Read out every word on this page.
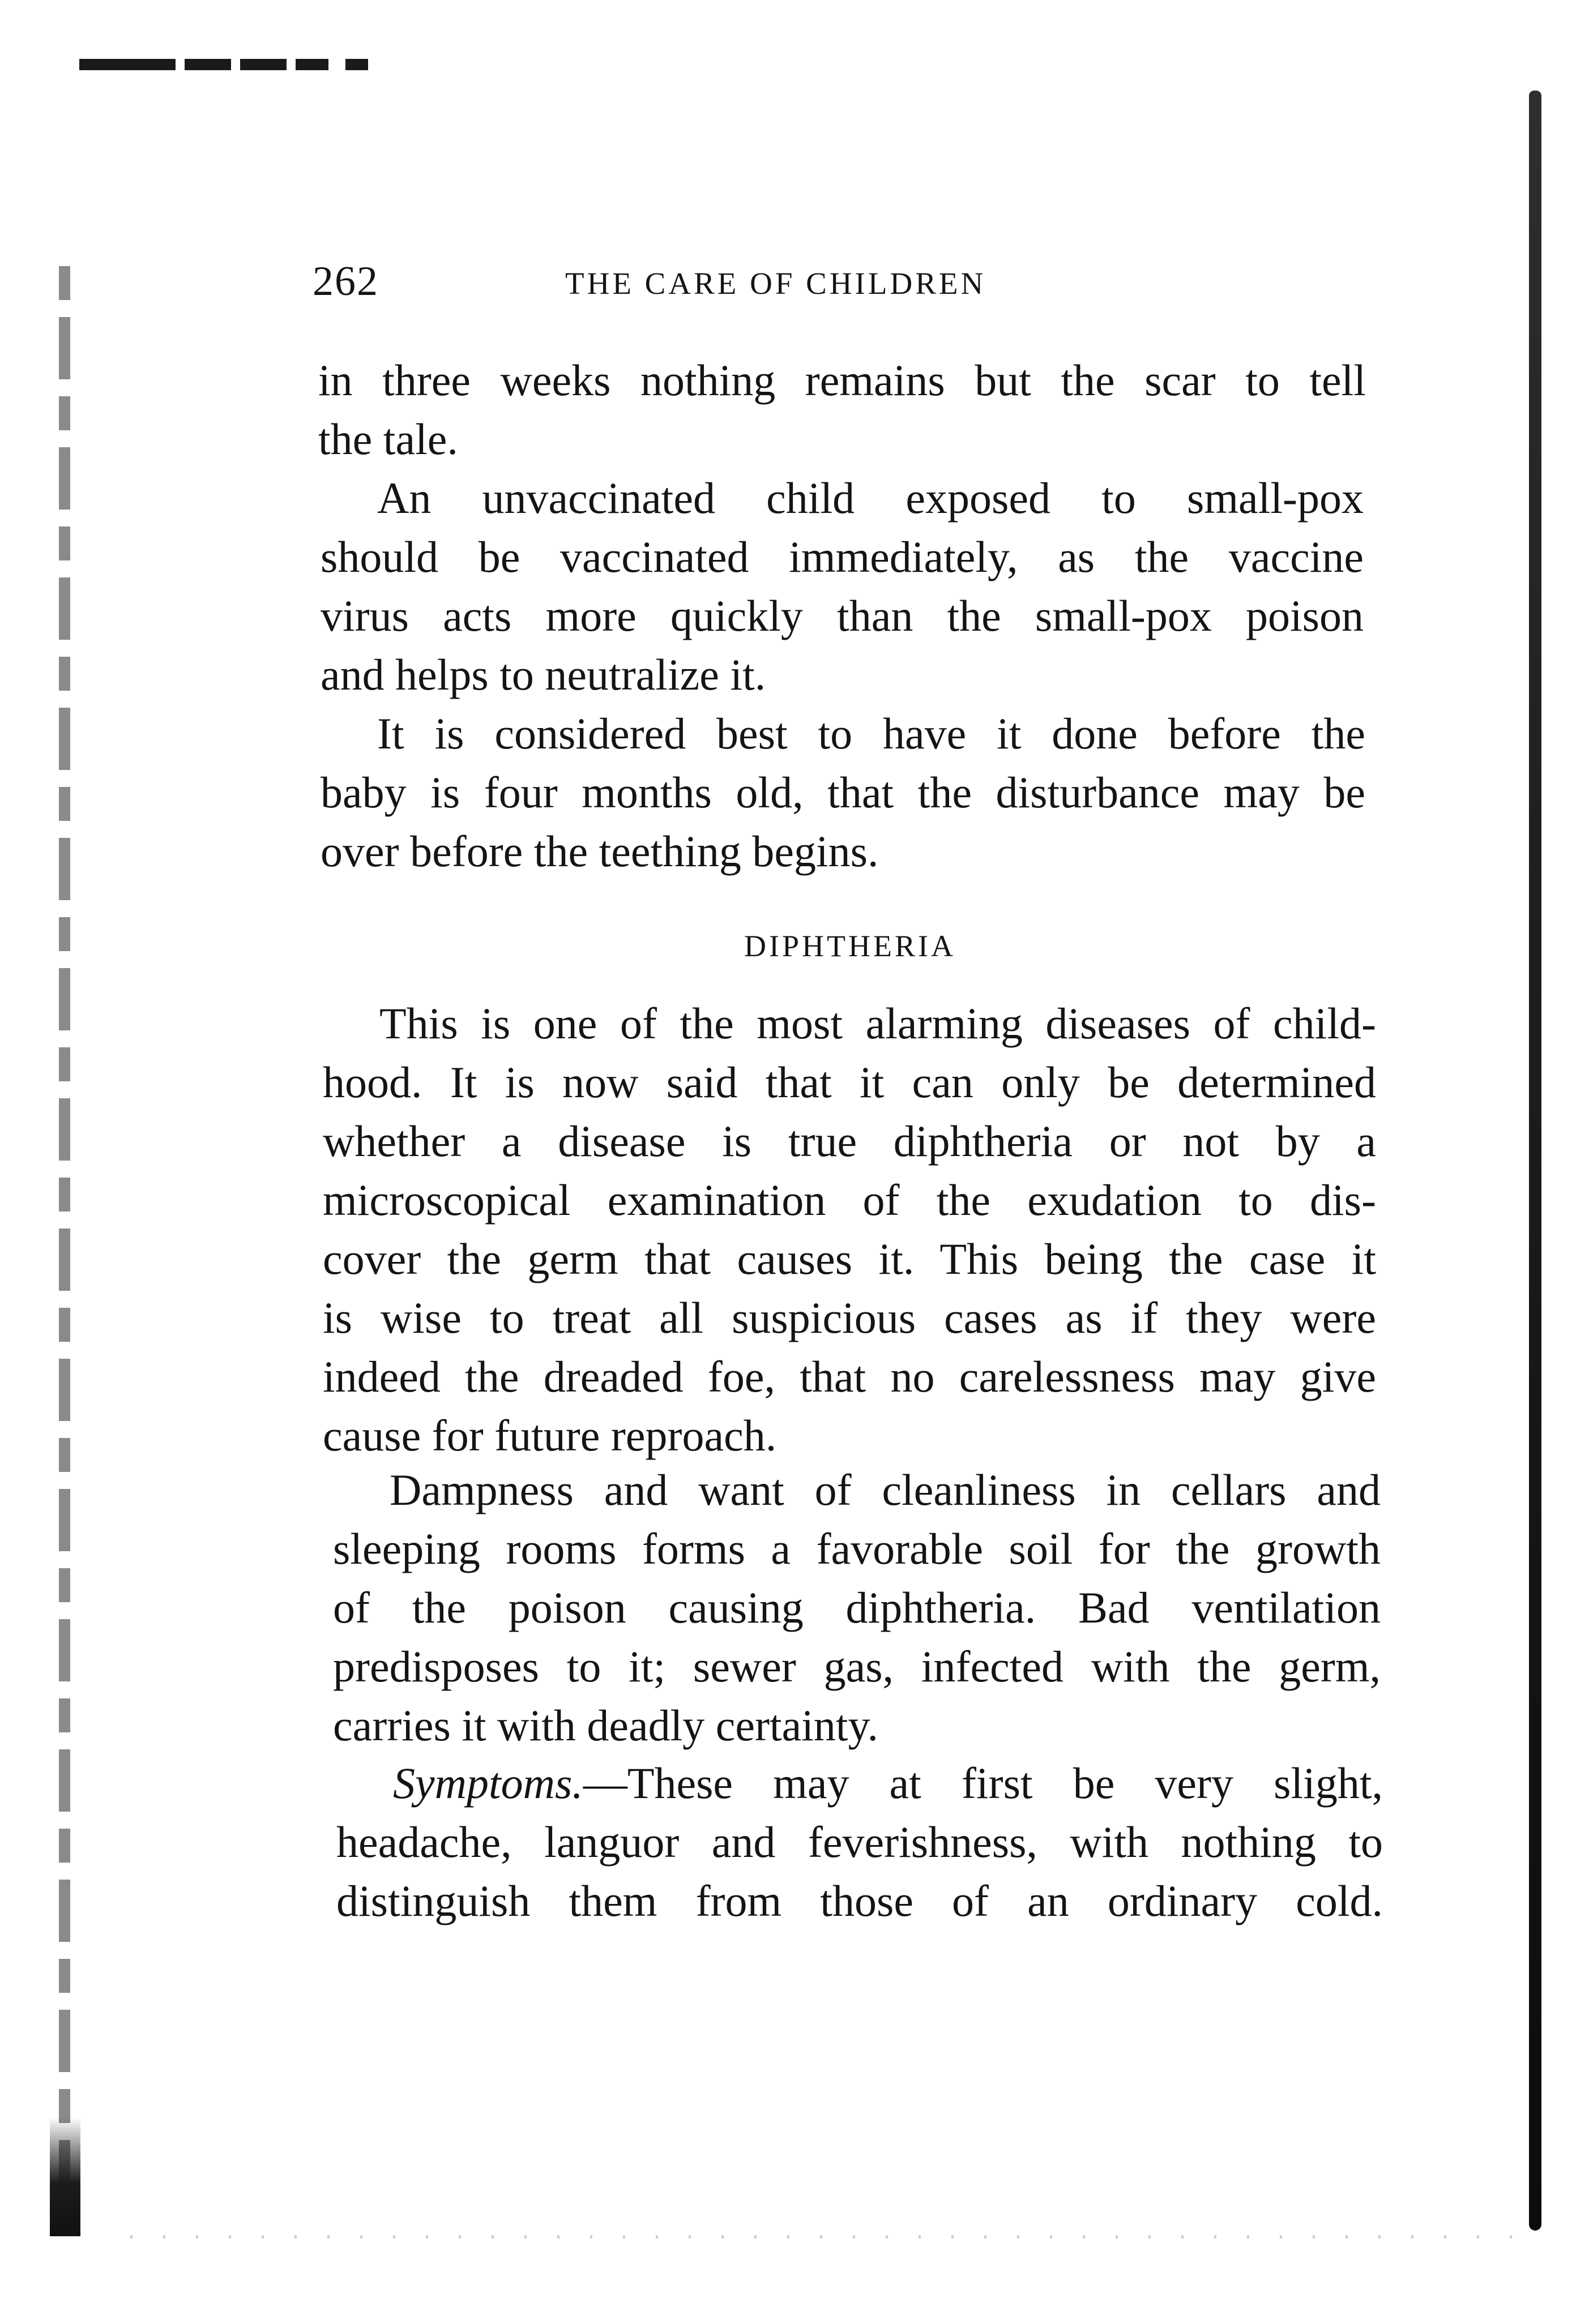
262	THE CARE OF CHILDREN
in three weeks nothing remains but the scar to tell
the tale.
An unvaccinated child exposed to small-pox
should be vaccinated immediately, as the vaccine
virus acts more quickly than the small-pox poison
and helps to neutralize it.
It is considered best to have it done before the
baby is four months old, that the disturbance may be
over before the teething begins.
DIPHTHERIA
This is one of the most alarming diseases of child-
hood. It is now said that it can only be determined
whether a disease is true diphtheria or not by a
microscopical examination of the exudation to dis-
cover the germ that causes it. This being the case it
is wise to treat all suspicious cases as if they were
indeed the dreaded foe, that no carelessness may give
cause for future reproach.
Dampness and want of cleanliness in cellars and
sleeping rooms forms a favorable soil for the growth
of the poison causing diphtheria. Bad ventilation
predisposes to it; sewer gas, infected with the germ,
carries it with deadly certainty.
Symptoms.—These may at first be very slight,
headache, languor and feverishness, with nothing to
distinguish them from those of an ordinary cold.
